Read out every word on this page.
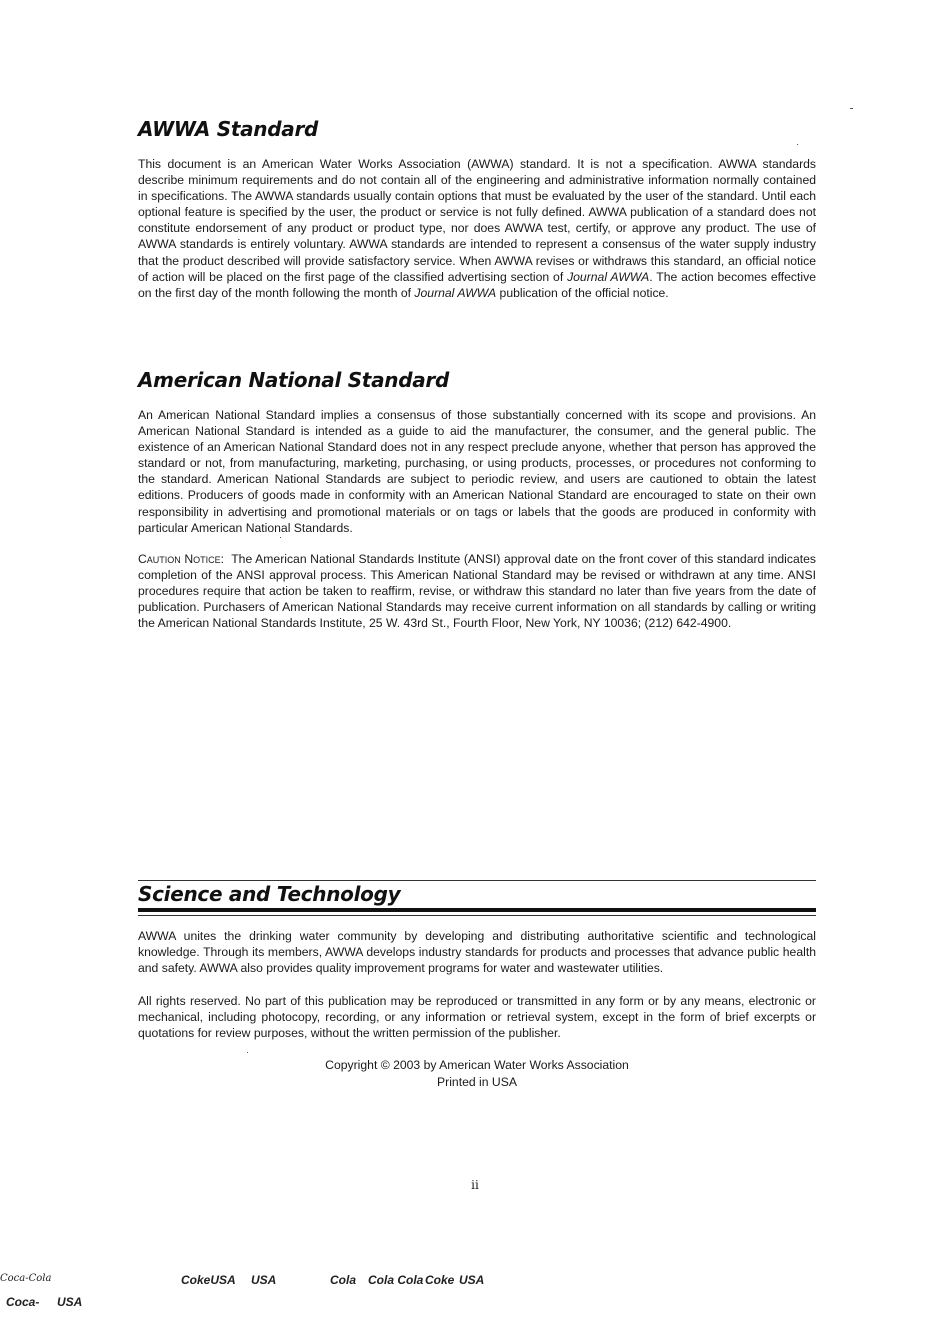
AWWA Standard

This document is an American Water Works Association (AWWA) standard. It is not a specification. AWWA standards describe minimum requirements and do not contain all of the engineering and administrative information normally contained in specifications. The AWWA standards usually contain options that must be evaluated by the user of the standard. Until each optional feature is specified by the user, the product or service is not fully defined. AWWA publication of a standard does not constitute endorsement of any product or product type, nor does AWWA test, certify, or approve any product. The use of AWWA standards is entirely voluntary. AWWA standards are intended to represent a consensus of the water supply industry that the product described will provide satisfactory service. When AWWA revises or withdraws this standard, an official notice of action will be placed on the first page of the classified advertising section of Journal AWWA. The action becomes effective on the first day of the month following the month of Journal AWWA publication of the official notice.

American National Standard

An American National Standard implies a consensus of those substantially concerned with its scope and provisions. An American National Standard is intended as a guide to aid the manufacturer, the consumer, and the general public. The existence of an American National Standard does not in any respect preclude anyone, whether that person has approved the standard or not, from manufacturing, marketing, purchasing, or using products, processes, or procedures not conforming to the standard. American National Standards are subject to periodic review, and users are cautioned to obtain the latest editions. Producers of goods made in conformity with an American National Standard are encouraged to state on their own responsibility in advertising and promotional materials or on tags or labels that the goods are produced in conformity with particular American National Standards.

Caution Notice: The American National Standards Institute (ANSI) approval date on the front cover of this standard indicates completion of the ANSI approval process. This American National Standard may be revised or withdrawn at any time. ANSI procedures require that action be taken to reaffirm, revise, or withdraw this standard no later than five years from the date of publication. Purchasers of American National Standards may receive current information on all standards by calling or writing the American National Standards Institute, 25 W. 43rd St., Fourth Floor, New York, NY 10036; (212) 642-4900.

Science and Technology

AWWA unites the drinking water community by developing and distributing authoritative scientific and technological knowledge. Through its members, AWWA develops industry standards for products and processes that advance public health and safety. AWWA also provides quality improvement programs for water and wastewater utilities.

All rights reserved. No part of this publication may be reproduced or transmitted in any form or by any means, electronic or mechanical, including photocopy, recording, or any information or retrieval system, except in the form of brief excerpts or quotations for review purposes, without the written permission of the publisher.

Copyright © 2003 by American Water Works Association
Printed in USA
ii
Coca-Cola	CokeUSA USA	Cola Cola Cola Coke USA
Coca- USA
